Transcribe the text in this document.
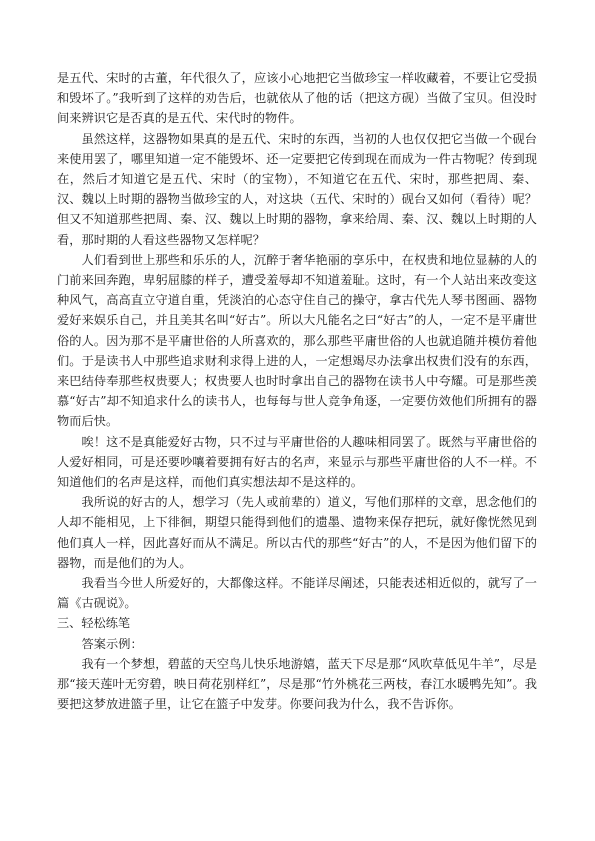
是五代、宋时的古董，年代很久了，应该小心地把它当做珍宝一样收藏着，不要让它受损和毁坏了。”我听到了这样的劝告后，也就依从了他的话（把这方砚）当做了宝贝。但没时间来辨识它是否真的是五代、宋代时的物件。

虽然这样，这器物如果真的是五代、宋时的东西，当初的人也仅仅把它当做一个砚台来使用罢了，哪里知道一定不能毁坏、还一定要把它传到现在而成为一件古物呢？传到现在，然后才知道它是五代、宋时（的宝物），不知道它在五代、宋时，那些把周、秦、汉、魏以上时期的器物当做珍宝的人，对这块（五代、宋时的）砚台又如何（看待）呢？但又不知道那些把周、秦、汉、魏以上时期的器物，拿来给周、秦、汉、魏以上时期的人看，那时期的人看这些器物又怎样呢？

人们看到世上那些和乐乐的人，沉醉于奢华艳丽的享乐中，在权贵和地位显赫的人的门前来回奔跑，卑躬屈膝的样子，遭受羞辱却不知道羞耻。这时，有一个人站出来改变这种风气，高高直立守道自重，凭淡泊的心态守住自己的操守，拿古代先人琴书图画、器物爱好来娱乐自己，并且美其名叫“好古”。所以大凡能名之曰“好古”的人，一定不是平庸世俗的人。因为那不是平庸世俗的人所喜欢的，那么那些平庸世俗的人也就追随并模仿着他们。于是读书人中那些追求财利求得上进的人，一定想竭尽办法拿出权贵们没有的东西，来巴结侍奉那些权贵要人；权贵要人也时时拿出自己的器物在读书人中夸耀。可是那些羡慕“好古”却不知追求什么的读书人，也每每与世人竞争角逐，一定要仿效他们所拥有的器物而后快。

唉！这不是真能爱好古物，只不过与平庸世俗的人趣味相同罢了。既然与平庸世俗的人爱好相同，可是还要吵嚷着要拥有好古的名声，来显示与那些平庸世俗的人不一样。不知道他们的名声是这样，而他们真实想法却不是这样的。

我所说的好古的人，想学习（先人或前辈的）道义，写他们那样的文章，思念他们的人却不能相见，上下徘徊，期望只能得到他们的遗墨、遗物来保存把玩，就好像恍然见到他们真人一样，因此喜好而从不满足。所以古代的那些“好古”的人，不是因为他们留下的器物，而是他们的为人。

我看当今世人所爱好的，大都像这样。不能详尽阐述，只能表述相近似的，就写了一篇《古砚说》。

三、轻松练笔

答案示例：

我有一个梦想，碧蓝的天空鸟儿快乐地游嬉，蓝天下尽是那“风吹草低见牛羊”，尽是那“接天莲叶无穷碧，映日荷花别样红”，尽是那“竹外桃花三两枝，春江水暖鸭先知”。我要把这梦放进篮子里，让它在篮子中发芽。你要问我为什么，我不告诉你。
